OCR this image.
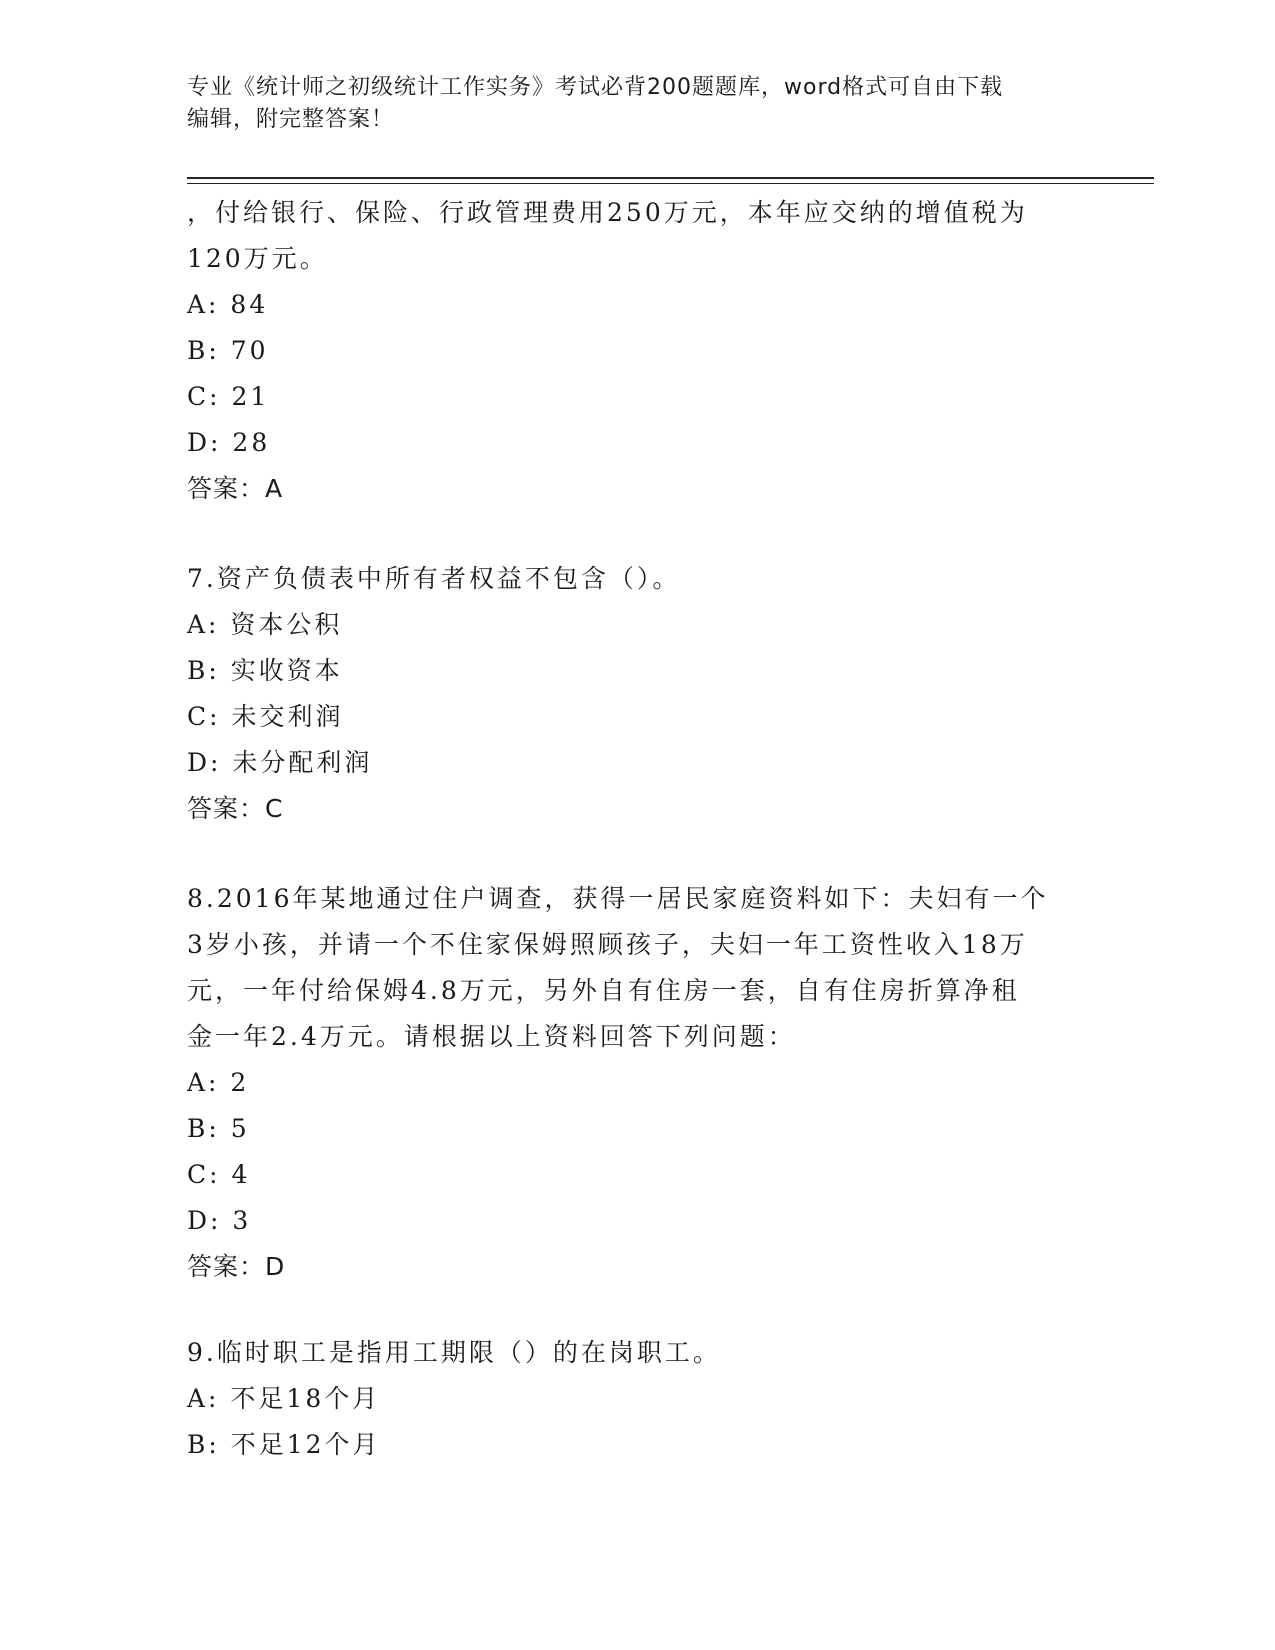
专业《统计师之初级统计工作实务》考试必背200题题库，word格式可自由下载
编辑，附完整答案！
，付给银行、保险、行政管理费用250万元，本年应交纳的增值税为
120万元。
A: 84
B: 70
C: 21
D: 28
答案：A
7.资产负债表中所有者权益不包含（）。
A: 资本公积
B: 实收资本
C: 未交利润
D: 未分配利润
答案：C
8.2016年某地通过住户调查，获得一居民家庭资料如下：夫妇有一个
3岁小孩，并请一个不住家保姆照顾孩子，夫妇一年工资性收入18万
元，一年付给保姆4.8万元，另外自有住房一套，自有住房折算净租
金一年2.4万元。请根据以上资料回答下列问题：
A: 2
B: 5
C: 4
D: 3
答案：D
9.临时职工是指用工期限（）的在岗职工。
A: 不足18个月
B: 不足12个月
